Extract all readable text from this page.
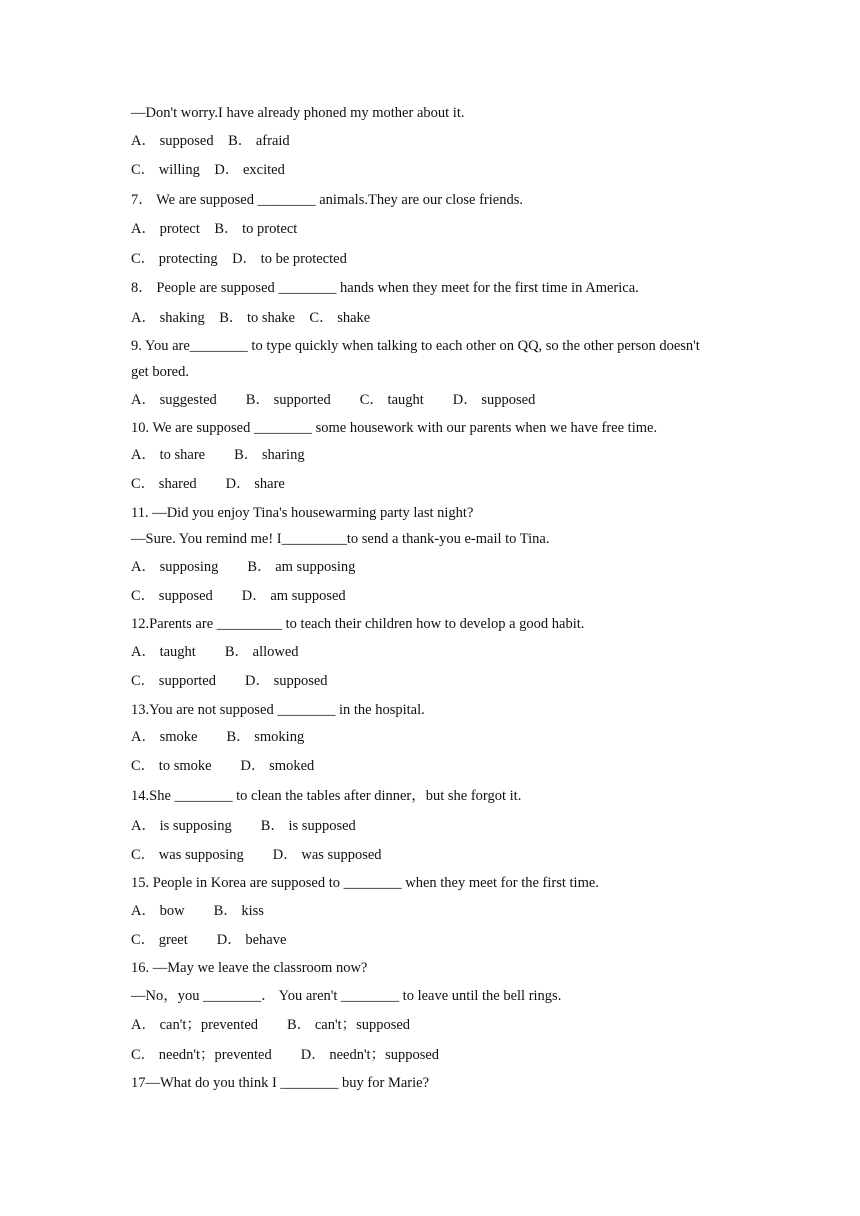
—Don't worry.I have already phoned my mother about it.
A． supposed    B． afraid
C． willing    D． excited
7． We are supposed ________ animals.They are our close friends.
A． protect    B． to protect
C． protecting    D． to be protected
8． People are supposed ________ hands when they meet for the first time in America.
A． shaking    B． to shake    C． shake
9. You are________ to type quickly when talking to each other on QQ, so the other person doesn't
get bored.
A． suggested        B． supported        C． taught        D． supposed
10. We are supposed ________ some housework with our parents when we have free time.
A． to share        B． sharing
C． shared        D． share
11. —Did you enjoy Tina's housewarming party last night?
—Sure. You remind me! I_________to send a thank-you e-mail to Tina.
A． supposing        B． am supposing
C． supposed        D． am supposed
12.Parents are _________ to teach their children how to develop a good habit.
A． taught        B． allowed
C． supported        D． supposed
13.You are not supposed ________ in the hospital.
A． smoke        B． smoking
C． to smoke        D． smoked
14.She ________ to clean the tables after dinner，but she forgot it.
A． is supposing        B． is supposed
C． was supposing        D． was supposed
15. People in Korea are supposed to ________ when they meet for the first time.
A． bow        B． kiss
C． greet        D． behave
16. —May we leave the classroom now?
—No，you ________． You aren't ________ to leave until the bell rings.
A． can't；prevented        B． can't；supposed
C． needn't；prevented        D． needn't；supposed
17—What do you think I ________ buy for Marie?
